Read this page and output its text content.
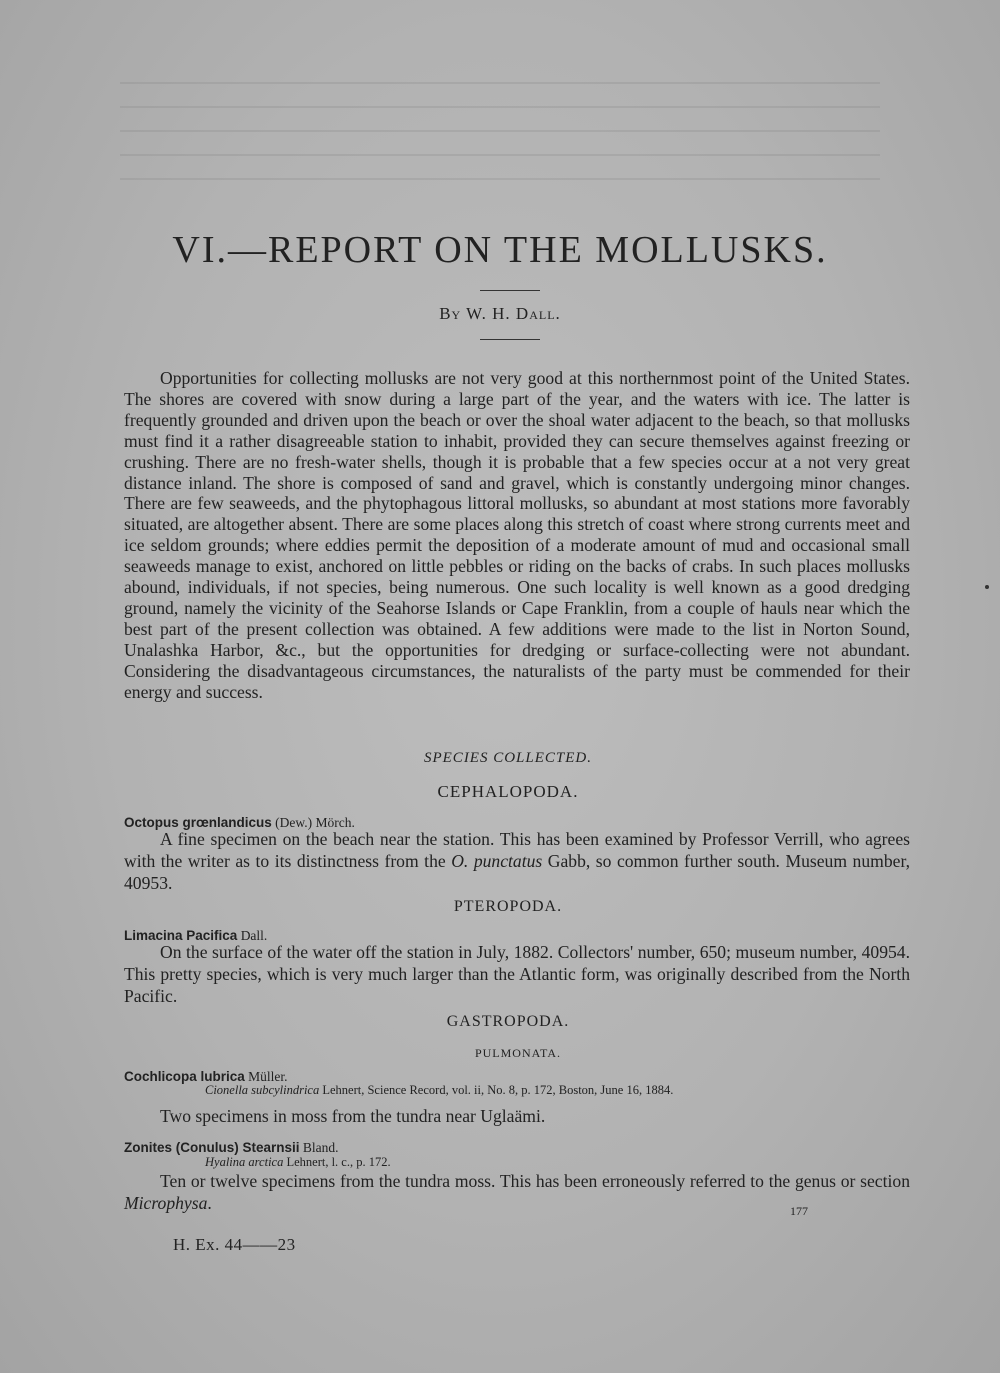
VI.—REPORT ON THE MOLLUSKS.
By W. H. Dall.

Opportunities for collecting mollusks are not very good at this northernmost point of the United States. The shores are covered with snow during a large part of the year, and the waters with ice. The latter is frequently grounded and driven upon the beach or over the shoal water adjacent to the beach, so that mollusks must find it a rather disagreeable station to inhabit, provided they can secure themselves against freezing or crushing. There are no fresh-water shells, though it is probable that a few species occur at a not very great distance inland. The shore is composed of sand and gravel, which is constantly undergoing minor changes. There are few seaweeds, and the phytophagous littoral mollusks, so abundant at most stations more favorably situated, are altogether absent. There are some places along this stretch of coast where strong currents meet and ice seldom grounds; where eddies permit the deposition of a moderate amount of mud and occasional small seaweeds manage to exist, anchored on little pebbles or riding on the backs of crabs. In such places mollusks abound, individuals, if not species, being numerous. One such locality is well known as a good dredging ground, namely the vicinity of the Seahorse Islands or Cape Franklin, from a couple of hauls near which the best part of the present collection was obtained. A few additions were made to the list in Norton Sound, Unalashka Harbor, &c., but the opportunities for dredging or surface-collecting were not abundant. Considering the disadvantageous circumstances, the naturalists of the party must be commended for their energy and success.

SPECIES COLLECTED.
CEPHALOPODA.
Octopus grœnlandicus (Dew.) Mörch.

A fine specimen on the beach near the station. This has been examined by Professor Verrill, who agrees with the writer as to its distinctness from the O. punctatus Gabb, so common further south. Museum number, 40953.

PTEROPODA.
Limacina Pacifica Dall.

On the surface of the water off the station in July, 1882. Collectors' number, 650; museum number, 40954. This pretty species, which is very much larger than the Atlantic form, was originally described from the North Pacific.

GASTROPODA.
PULMONATA.
Cochlicopa lubrica Müller.
Cionella subcylindrica Lehnert, Science Record, vol. ii, No. 8, p. 172, Boston, June 16, 1884.

Two specimens in moss from the tundra near Uglaämi.

Zonites (Conulus) Stearnsii Bland.
Hyalina arctica Lehnert, l. c., p. 172.

Ten or twelve specimens from the tundra moss. This has been erroneously referred to the genus or section Microphysa.	177
H. Ex. 44——23
